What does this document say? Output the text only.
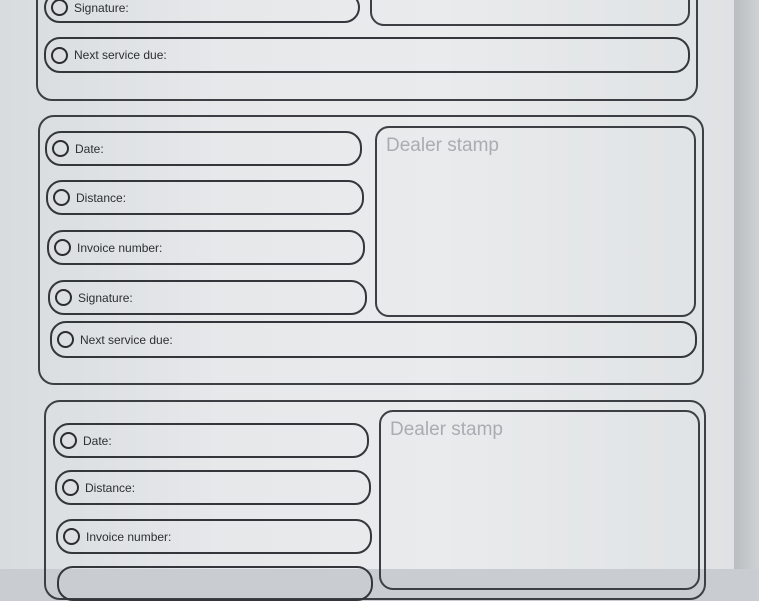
Signature:
Next service due:
Date:
Distance:
Invoice number:
Signature:
Dealer stamp
Next service due:
Date:
Distance:
Invoice number:
Dealer stamp
